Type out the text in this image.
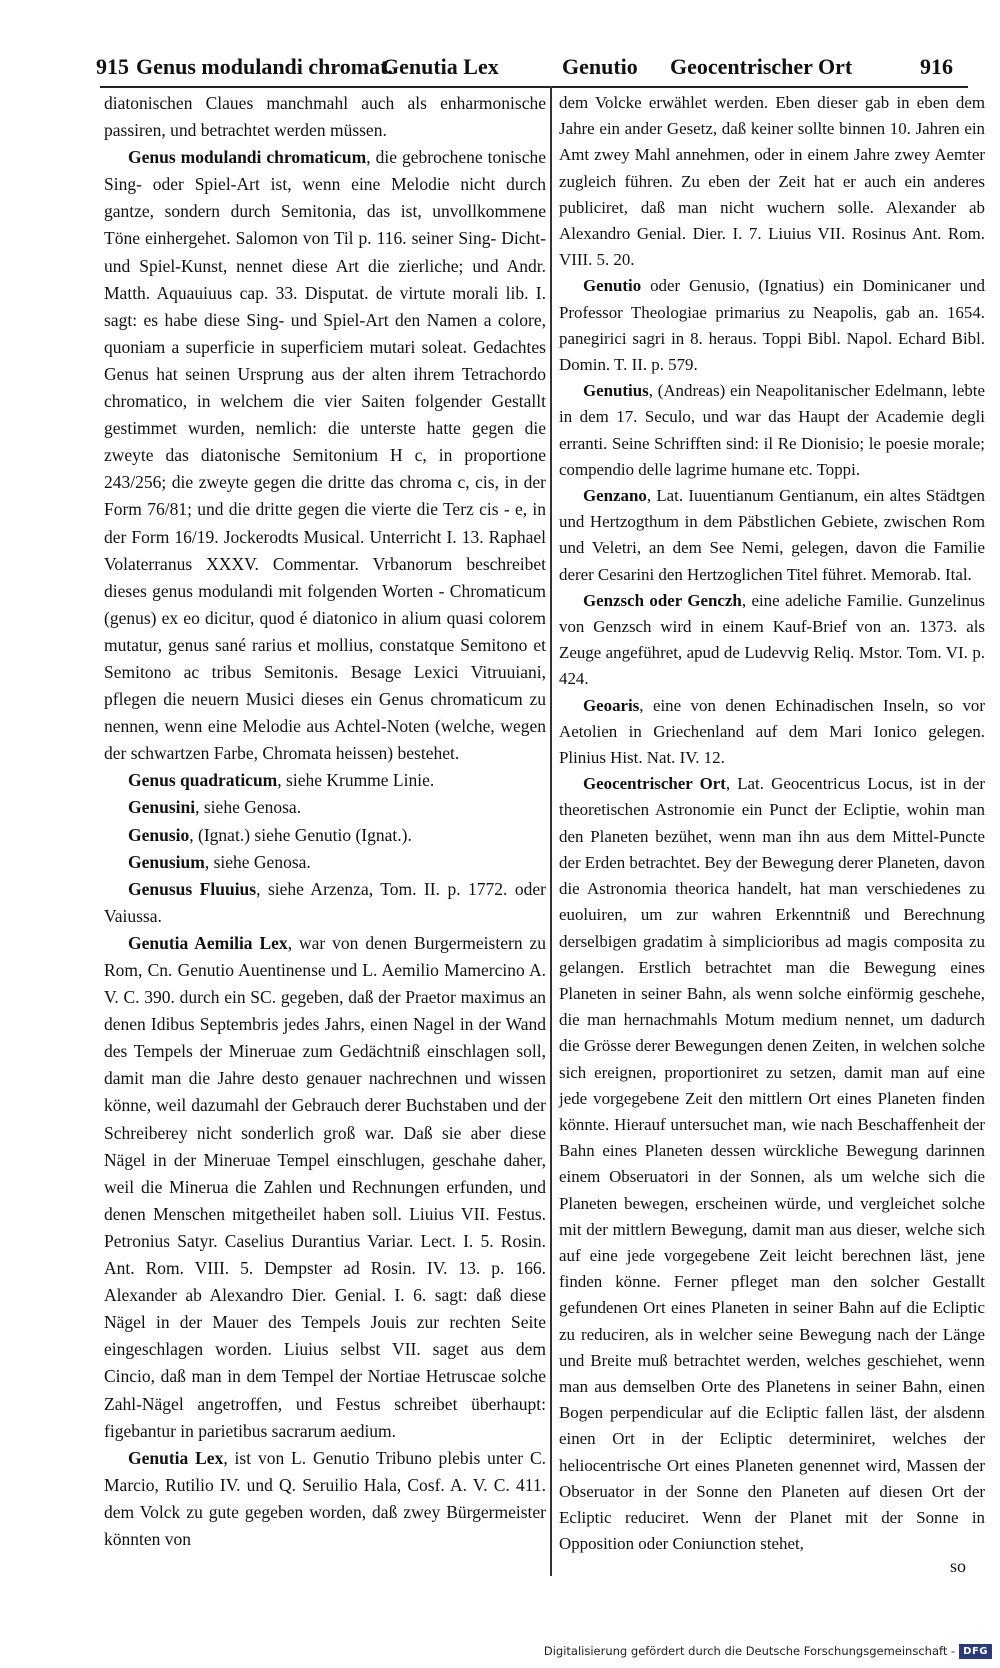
915 Genus modulandi chromat.
Genutia Lex	Genutio Geocentrischer Ort	916

diatonischen Claues manchmahl auch als enharmonische passiren, und betrachtet werden müssen.

Genus modulandi chromaticum, die gebrochene tonische Sing- oder Spiel-Art ist, wenn eine Melodie nicht durch gantze, sondern durch Semitonia, das ist, unvollkommene Töne einhergehet. Salomon von Til p. 116. seiner Sing- Dicht- und Spiel-Kunst, nennet diese Art die zierliche; und Andr. Matth. Aquauiuus cap. 33. Disputat. de virtute morali lib. I. sagt: es habe diese Sing- und Spiel-Art den Namen a colore, quoniam a superficie in superficiem mutari soleat. Gedachtes Genus hat seinen Ursprung aus der alten ihrem Tetrachordo chromatico, in welchem die vier Saiten folgender Gestallt gestimmet wurden, nemlich: die unterste hatte gegen die zweyte das diatonische Semitonium H c, in proportione 243/256; die zweyte gegen die dritte das chroma c, cis, in der Form 76/81; und die dritte gegen die vierte die Terz cis - e, in der Form 16/19. Jockerodts Musical. Unterricht I. 13. Raphael Volaterranus XXXV. Commentar. Vrbanorum beschreibet dieses genus modulandi mit folgenden Worten - Chromaticum (genus) ex eo dicitur, quod é diatonico in alium quasi colorem mutatur, genus sané rarius et mollius, constatque Semitono et Semitono ac tribus Semitonis. Besage Lexici Vitruuiani, pflegen die neuern Musici dieses ein Genus chromaticum zu nennen, wenn eine Melodie aus Achtel-Noten (welche, wegen der schwartzen Farbe, Chromata heissen) bestehet.

Genus quadraticum, siehe Krumme Linie.

Genusini, siehe Genosa.

Genusio, (Ignat.) siehe Genutio (Ignat.).

Genusium, siehe Genosa.

Genusus Fluuius, siehe Arzenza, Tom. II. p. 1772. oder Vaiussa.

Genutia Aemilia Lex, war von denen Burgermeistern zu Rom, Cn. Genutio Auentinense und L. Aemilio Mamercino A. V. C. 390. durch ein SC. gegeben, daß der Praetor maximus an denen Idibus Septembris jedes Jahrs, einen Nagel in der Wand des Tempels der Mineruae zum Gedächtniß einschlagen soll, damit man die Jahre desto genauer nachrechnen und wissen könne, weil dazumahl der Gebrauch derer Buchstaben und der Schreiberey nicht sonderlich groß war. Daß sie aber diese Nägel in der Mineruae Tempel einschlugen, geschahe daher, weil die Minerua die Zahlen und Rechnungen erfunden, und denen Menschen mitgetheilet haben soll. Liuius VII. Festus. Petronius Satyr. Caselius Durantius Variar. Lect. I. 5. Rosin. Ant. Rom. VIII. 5. Dempster ad Rosin. IV. 13. p. 166. Alexander ab Alexandro Dier. Genial. I. 6. sagt: daß diese Nägel in der Mauer des Tempels Jouis zur rechten Seite eingeschlagen worden. Liuius selbst VII. saget aus dem Cincio, daß man in dem Tempel der Nortiae Hetruscae solche Zahl-Nägel angetroffen, und Festus schreibet überhaupt: figebantur in parietibus sacrarum aedium.

Genutia Lex, ist von L. Genutio Tribuno plebis unter C. Marcio, Rutilio IV. und Q. Seruilio Hala, Cosf. A. V. C. 411. dem Volck zu gute gegeben worden, daß zwey Bürgermeister könnten von

dem Volcke erwählet werden. Eben dieser gab in eben dem Jahre ein ander Gesetz, daß keiner sollte binnen 10. Jahren ein Amt zwey Mahl annehmen, oder in einem Jahre zwey Aemter zugleich führen. Zu eben der Zeit hat er auch ein anderes publiciret, daß man nicht wuchern solle. Alexander ab Alexandro Genial. Dier. I. 7. Liuius VII. Rosinus Ant. Rom. VIII. 5. 20.

Genutio oder Genusio, (Ignatius) ein Dominicaner und Professor Theologiae primarius zu Neapolis, gab an. 1654. panegirici sagri in 8. heraus. Toppi Bibl. Napol. Echard Bibl. Domin. T. II. p. 579.

Genutius, (Andreas) ein Neapolitanischer Edelmann, lebte in dem 17. Seculo, und war das Haupt der Academie degli erranti. Seine Schrifften sind: il Re Dionisio; le poesie morale; compendio delle lagrime humane etc. Toppi.

Genzano, Lat. Iuuentianum Gentianum, ein altes Städtgen und Hertzogthum in dem Päbstlichen Gebiete, zwischen Rom und Veletri, an dem See Nemi, gelegen, davon die Familie derer Cesarini den Hertzoglichen Titel führet. Memorab. Ital.

Genzsch oder Genczh, eine adeliche Familie. Gunzelinus von Genzsch wird in einem Kauf-Brief von an. 1373. als Zeuge angeführet, apud de Ludevvig Reliq. Mstor. Tom. VI. p. 424.

Geoaris, eine von denen Echinadischen Inseln, so vor Aetolien in Griechenland auf dem Mari Ionico gelegen. Plinius Hist. Nat. IV. 12.

Geocentrischer Ort, Lat. Geocentricus Locus, ist in der theoretischen Astronomie ein Punct der Ecliptie, wohin man den Planeten bezühet, wenn man ihn aus dem Mittel-Puncte der Erden betrachtet. Bey der Bewegung derer Planeten, davon die Astronomia theorica handelt, hat man verschiedenes zu euoluiren, um zur wahren Erkenntniß und Berechnung derselbigen gradatim à simplicioribus ad magis composita zu gelangen. Erstlich betrachtet man die Bewegung eines Planeten in seiner Bahn, als wenn solche einförmig geschehe, die man hernachmahls Motum medium nennet, um dadurch die Grösse derer Bewegungen denen Zeiten, in welchen solche sich ereignen, proportioniret zu setzen, damit man auf eine jede vorgegebene Zeit den mittlern Ort eines Planeten finden könnte. Hierauf untersuchet man, wie nach Beschaffenheit der Bahn eines Planeten dessen würckliche Bewegung darinnen einem Obseruatori in der Sonnen, als um welche sich die Planeten bewegen, erscheinen würde, und vergleichet solche mit der mittlern Bewegung, damit man aus dieser, welche sich auf eine jede vorgegebene Zeit leicht berechnen läst, jene finden könne. Ferner pfleget man den solcher Gestallt gefundenen Ort eines Planeten in seiner Bahn auf die Ecliptic zu reduciren, als in welcher seine Bewegung nach der Länge und Breite muß betrachtet werden, welches geschiehet, wenn man aus demselben Orte des Planetens in seiner Bahn, einen Bogen perpendicular auf die Ecliptic fallen läst, der alsdenn einen Ort in der Ecliptic determiniret, welches der heliocentrische Ort eines Planeten genennet wird, Massen der Obseruator in der Sonne den Planeten auf diesen Ort der Ecliptic reduciret. Wenn der Planet mit der Sonne in Opposition oder Coniunction stehet,

so
Digitalisierung gefördert durch die Deutsche Forschungsgemeinschaft - DFG
